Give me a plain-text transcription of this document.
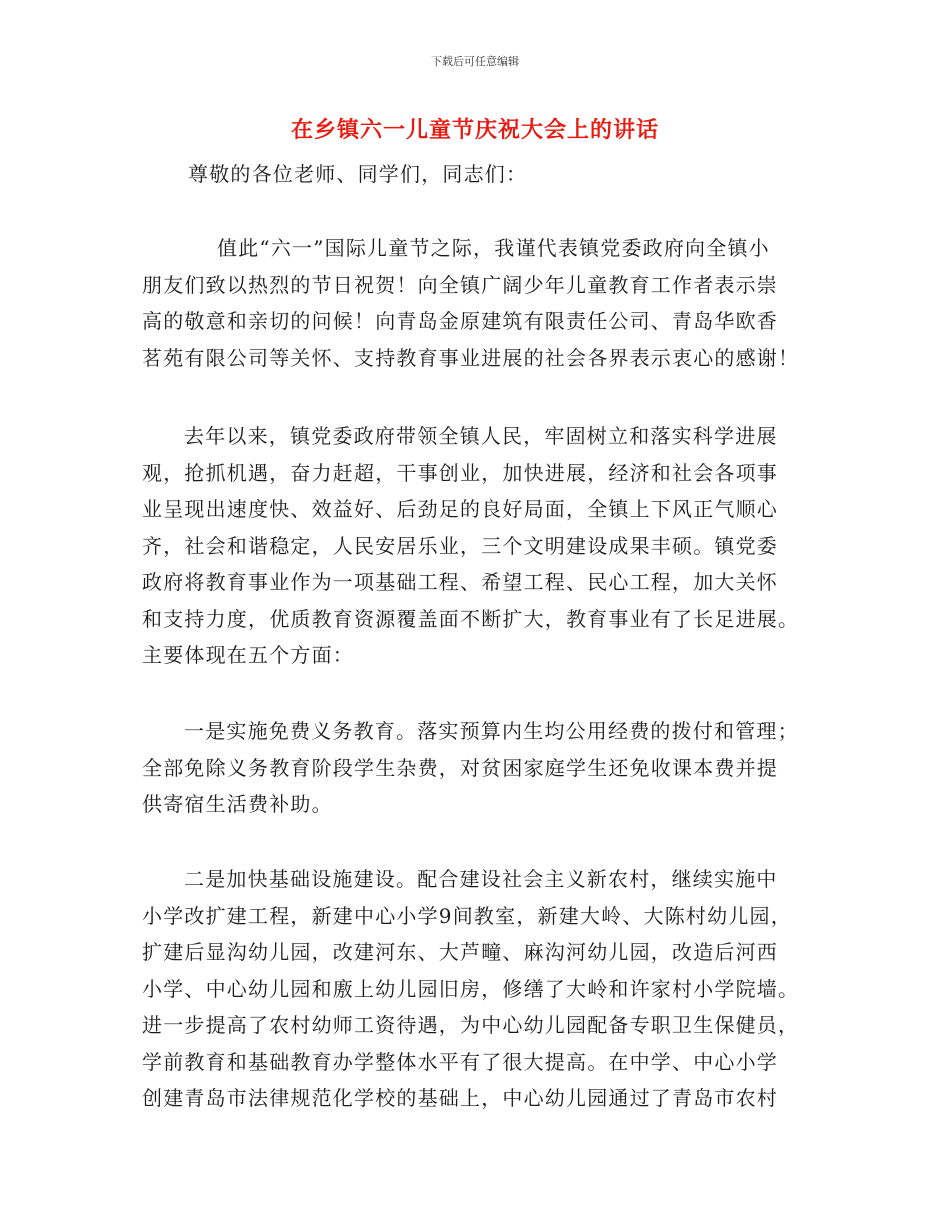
下载后可任意编辑
在乡镇六一儿童节庆祝大会上的讲话
尊敬的各位老师、同学们，同志们：
值此“六一”国际儿童节之际，我谨代表镇党委政府向全镇小
朋友们致以热烈的节日祝贺！向全镇广阔少年儿童教育工作者表示崇
高的敬意和亲切的问候！向青岛金原建筑有限责任公司、青岛华欧香
茗苑有限公司等关怀、支持教育事业进展的社会各界表示衷心的感谢！
去年以来，镇党委政府带领全镇人民，牢固树立和落实科学进展
观，抢抓机遇，奋力赶超，干事创业，加快进展，经济和社会各项事
业呈现出速度快、效益好、后劲足的良好局面，全镇上下风正气顺心
齐，社会和谐稳定，人民安居乐业，三个文明建设成果丰硕。镇党委
政府将教育事业作为一项基础工程、希望工程、民心工程，加大关怀
和支持力度，优质教育资源覆盖面不断扩大，教育事业有了长足进展。
主要体现在五个方面：
一是实施免费义务教育。落实预算内生均公用经费的拨付和管理；
全部免除义务教育阶段学生杂费，对贫困家庭学生还免收课本费并提
供寄宿生活费补助。
二是加快基础设施建设。配合建设社会主义新农村，继续实施中
小学改扩建工程，新建中心小学9间教室，新建大岭、大陈村幼儿园，
扩建后显沟幼儿园，改建河东、大芦疃、麻沟河幼儿园，改造后河西
小学、中心幼儿园和廒上幼儿园旧房，修缮了大岭和许家村小学院墙。
进一步提高了农村幼师工资待遇，为中心幼儿园配备专职卫生保健员，
学前教育和基础教育办学整体水平有了很大提高。在中学、中心小学
创建青岛市法律规范化学校的基础上，中心幼儿园通过了青岛市农村
